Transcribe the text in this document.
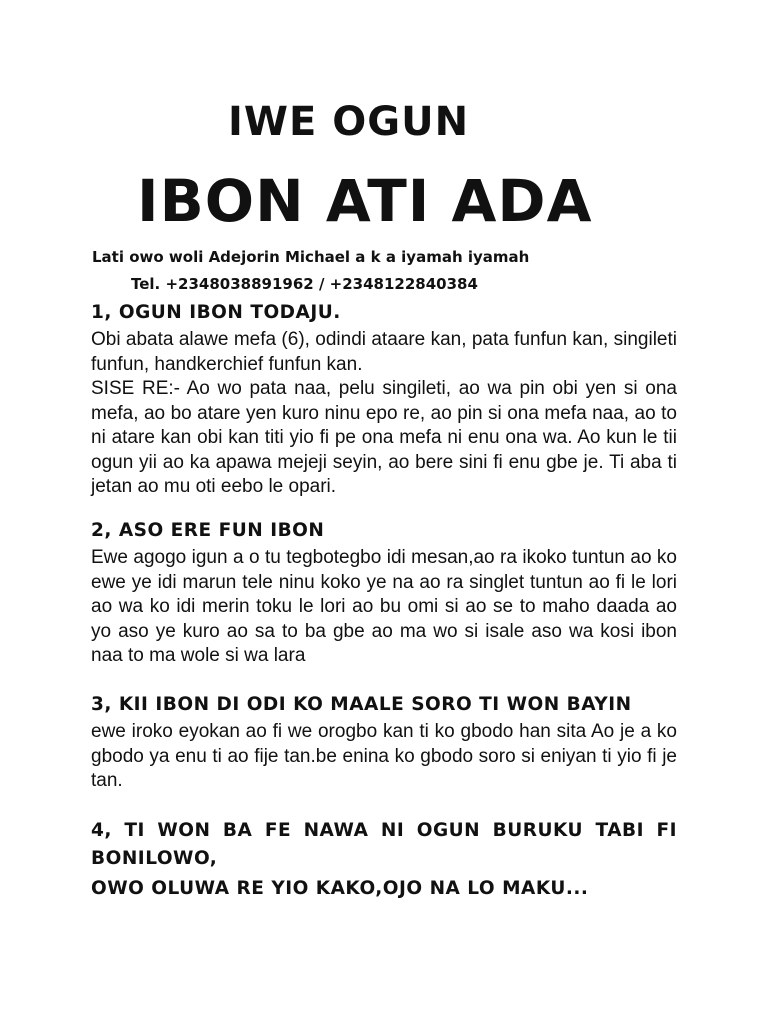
IWE OGUN
IBON ATI ADA

Lati owo woli Adejorin Michael a k a iyamah iyamah

Tel. +2348038891962 / +2348122840384

1, OGUN IBON TODAJU.

Obi abata alawe mefa (6), odindi ataare kan, pata funfun kan, singileti funfun, handkerchief funfun kan.

SISE RE:- Ao wo pata naa, pelu singileti, ao wa pin obi yen si ona mefa, ao bo atare yen kuro ninu epo re, ao pin si ona mefa naa, ao to ni atare kan obi kan titi yio fi pe ona mefa ni enu ona wa. Ao kun le tii ogun yii ao ka apawa mejeji seyin, ao bere sini fi enu gbe je. Ti aba ti jetan ao mu oti eebo le opari.

2, ASO ERE FUN IBON

Ewe agogo igun a o tu tegbotegbo idi mesan,ao ra ikoko tuntun ao ko ewe ye idi marun tele ninu koko ye na ao ra singlet tuntun ao fi le lori ao wa ko idi merin toku le lori ao bu omi si ao se to maho daada ao yo aso ye kuro ao sa to ba gbe ao ma wo si isale aso wa kosi ibon naa to ma wole si wa lara

3, KII IBON DI ODI KO MAALE SORO TI WON BAYIN

ewe iroko eyokan ao fi we orogbo kan ti ko gbodo han sita Ao je a ko gbodo ya enu ti ao fije tan.be enina ko gbodo soro si eniyan ti yio fi je tan.

4, TI WON BA FE NAWA NI OGUN BURUKU TABI FI BONILOWO,

OWO OLUWA RE YIO KAKO,OJO NA LO MAKU...
